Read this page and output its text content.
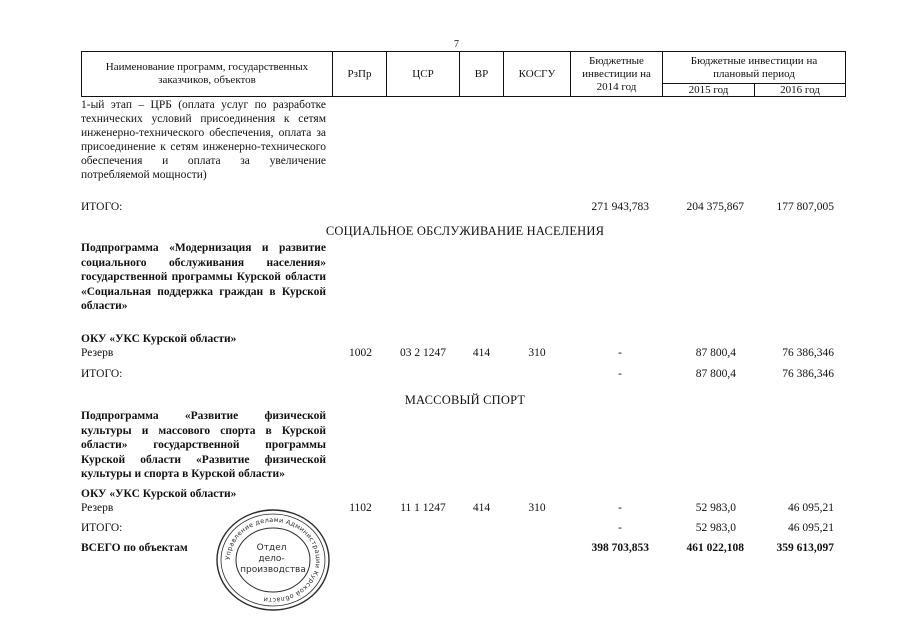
7
Наименование программ, государственных заказчиков, объектов
РзПр	ЦСР	ВР	КОСГУ
Бюджетные инвестиции на 2014 год
Бюджетные инвестиции на плановый период
2015 год	2016 год
1-ый этап – ЦРБ (оплата услуг по разработке технических условий присоединения к сетям инженерно-технического обеспечения, оплата за присоединение к сетям инженерно-технического обеспечения и оплата за увеличение потребляемой мощности)
ИТОГО:	271 943,783	204 375,867	177 807,005
СОЦИАЛЬНОЕ ОБСЛУЖИВАНИЕ НАСЕЛЕНИЯ
Подпрограмма «Модернизация и развитие социального обслуживания населения» государственной программы Курской области «Социальная поддержка граждан в Курской области»
ОКУ «УКС Курской области»
Резерв	1002	03 2 1247	414	310	-	87 800,4	76 386,346
ИТОГО:	-	87 800,4	76 386,346
МАССОВЫЙ СПОРТ
Подпрограмма «Развитие физической культуры и массового спорта в Курской области» государственной программы Курской области «Развитие физической культуры и спорта в Курской области»
ОКУ «УКС Курской области»
Резерв	1102	11 1 1247	414	310	-	52 983,0	46 095,21
ИТОГО:	-	52 983,0	46 095,21
ВСЕГО по объектам	398 703,853	461 022,108	359 613,097
Управление делами Администрации Курской области
Отдел дело- производства
